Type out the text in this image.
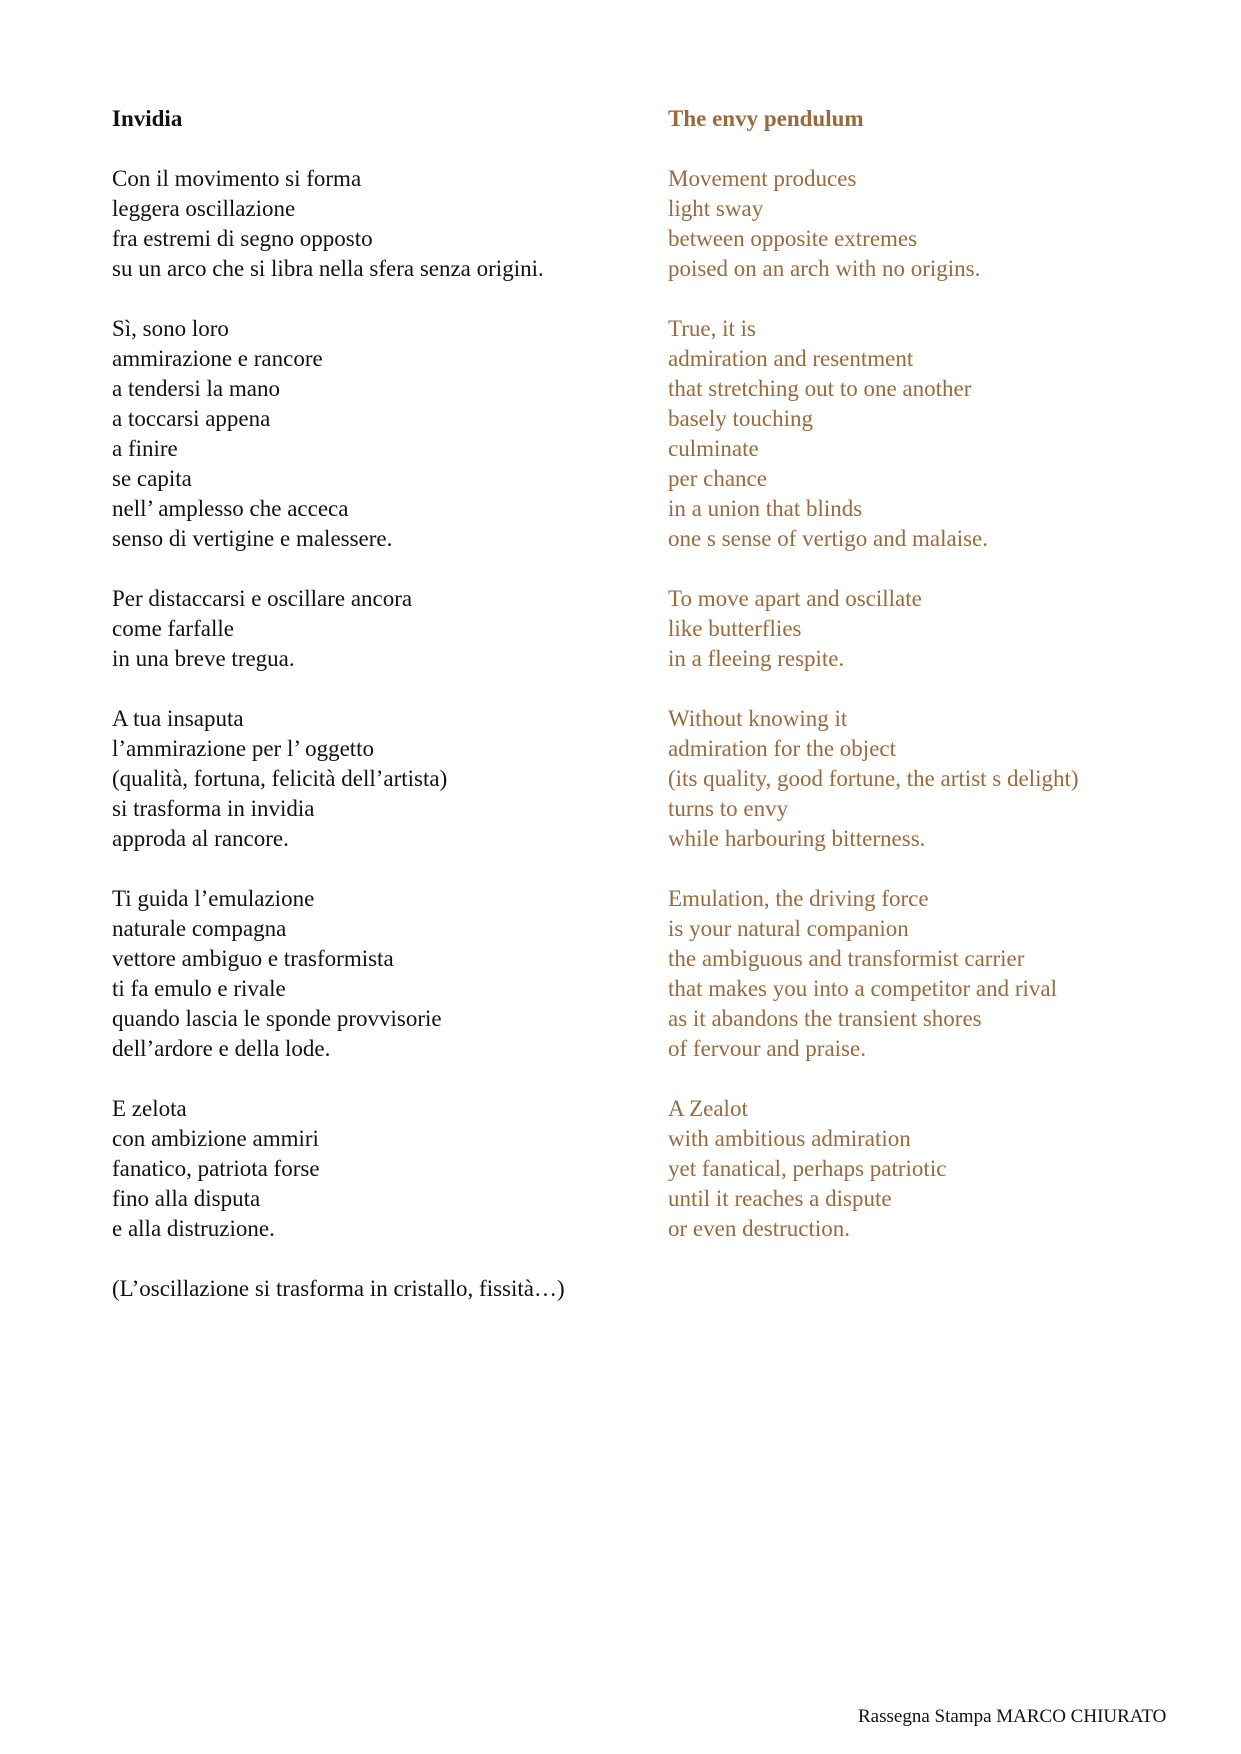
Invidia
Con il movimento si forma
leggera oscillazione
fra estremi di segno opposto
su un arco che si libra nella sfera senza origini.
Sì, sono loro
ammirazione e rancore
a tendersi la mano
a toccarsi appena
a finire
se capita
nell’ amplesso che acceca
senso di vertigine e malessere.
Per distaccarsi e oscillare ancora
come farfalle
in una breve tregua.
A tua insaputa
l’ammirazione per l’ oggetto
(qualità, fortuna, felicità dell’artista)
si trasforma in invidia
approda al rancore.
Ti guida l’emulazione
naturale compagna
vettore ambiguo e trasformista
ti fa emulo e rivale
quando lascia le sponde provvisorie
dell’ardore e della lode.
E zelota
con ambizione ammiri
fanatico, patriota forse
fino alla disputa
e alla distruzione.
(L’oscillazione si trasforma in cristallo, fissità…)
The envy pendulum
Movement produces
light sway
between opposite extremes
poised on an arch with no origins.
True, it is
admiration and resentment
that stretching out to one another
basely touching
culminate
per chance
in a union that blinds
one s sense of vertigo and malaise.
To move apart and oscillate
like butterflies
in a fleeing respite.
Without knowing it
admiration for the object
(its quality, good fortune, the artist s delight)
turns to envy
while harbouring bitterness.
Emulation, the driving force
is your natural companion
the ambiguous and transformist carrier
that makes you into a competitor and rival
as it abandons the transient shores
of fervour and praise.
A Zealot
with ambitious admiration
yet fanatical, perhaps patriotic
until it reaches a dispute
or even destruction.
Rassegna Stampa MARCO CHIURATO
